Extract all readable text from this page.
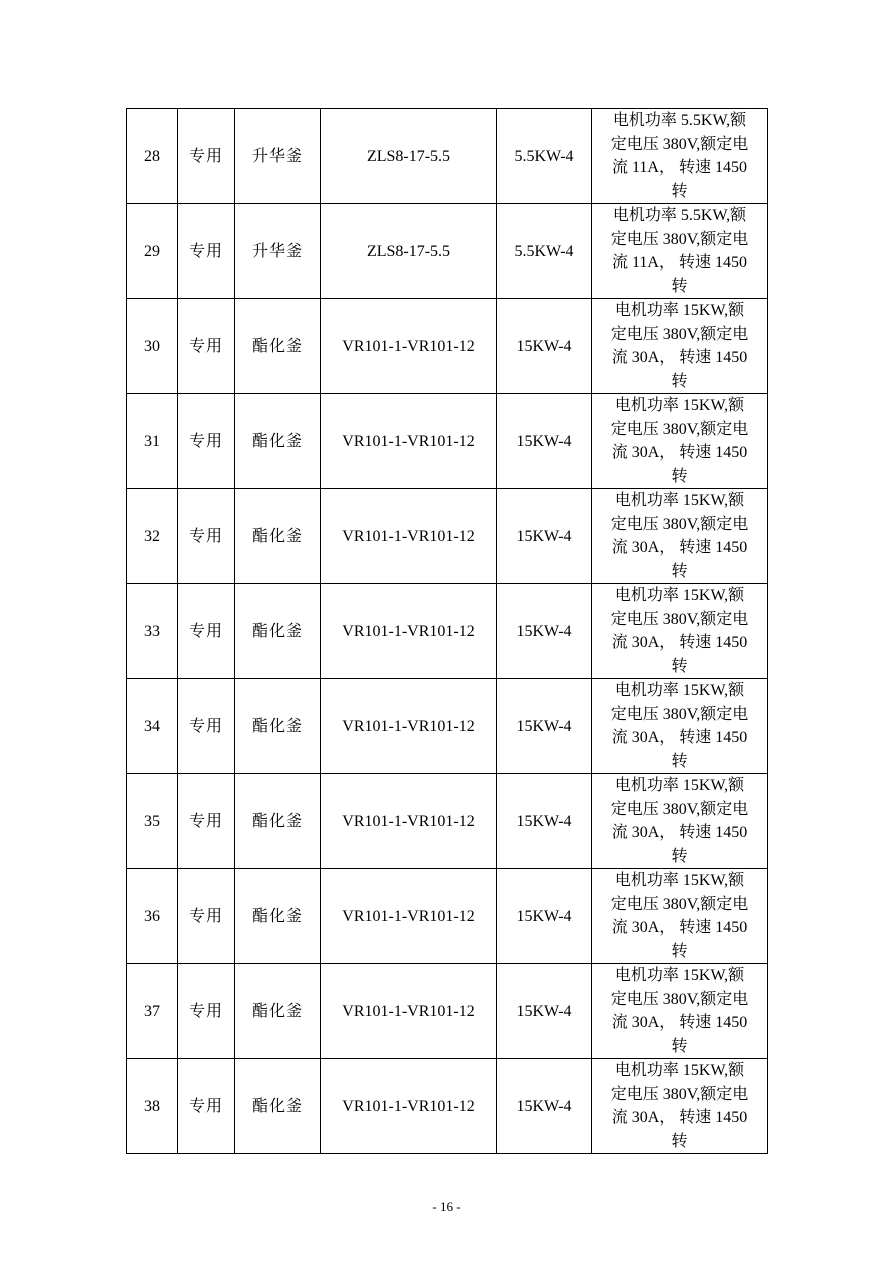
28	专用	升华釜	ZLS8-17-5.5	5.5KW-4	电机功率 5.5KW,额
定电压 380V,额定电
流 11A， 转速 1450
转

29	专用	升华釜	ZLS8-17-5.5	5.5KW-4	电机功率 5.5KW,额
定电压 380V,额定电
流 11A， 转速 1450
转

30	专用	酯化釜	VR101-1-VR101-12	15KW-4	电机功率 15KW,额
定电压 380V,额定电
流 30A， 转速 1450
转

31	专用	酯化釜	VR101-1-VR101-12	15KW-4	电机功率 15KW,额
定电压 380V,额定电
流 30A， 转速 1450
转

32	专用	酯化釜	VR101-1-VR101-12	15KW-4	电机功率 15KW,额
定电压 380V,额定电
流 30A， 转速 1450
转

33	专用	酯化釜	VR101-1-VR101-12	15KW-4	电机功率 15KW,额
定电压 380V,额定电
流 30A， 转速 1450
转

34	专用	酯化釜	VR101-1-VR101-12	15KW-4	电机功率 15KW,额
定电压 380V,额定电
流 30A， 转速 1450
转

35	专用	酯化釜	VR101-1-VR101-12	15KW-4	电机功率 15KW,额
定电压 380V,额定电
流 30A， 转速 1450
转

36	专用	酯化釜	VR101-1-VR101-12	15KW-4	电机功率 15KW,额
定电压 380V,额定电
流 30A， 转速 1450
转

37	专用	酯化釜	VR101-1-VR101-12	15KW-4	电机功率 15KW,额
定电压 380V,额定电
流 30A， 转速 1450
转

38	专用	酯化釜	VR101-1-VR101-12	15KW-4	电机功率 15KW,额
定电压 380V,额定电
流 30A， 转速 1450
转
- 16 -
